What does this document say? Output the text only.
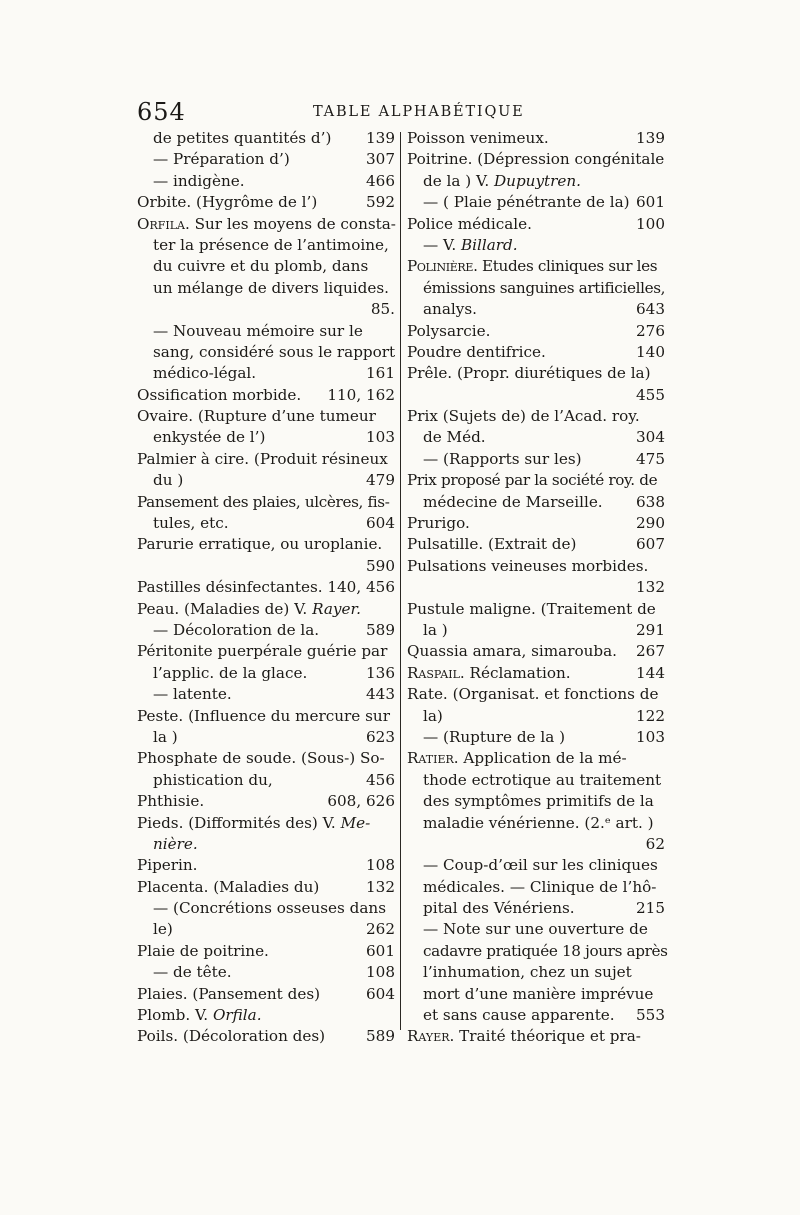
654	TABLE ALPHABÉTIQUE
de petites quantités d’) 139
— Préparation d’)	307
— indigène.	466
Orbite. (Hygrôme de l’)	592
Orfila. Sur les moyens de consta-
ter la présence de l’antimoine,
du cuivre et du plomb, dans
un mélange de divers liquides.
85.
— Nouveau mémoire sur le
sang, considéré sous le rapport
médico-légal.	161
Ossification morbide. 110, 162
Ovaire. (Rupture d’une tumeur
enkystée de l’)	103
Palmier à cire. (Produit résineux
du )	479
Pansement des plaies, ulcères, fis-
tules, etc.	604
Parurie erratique, ou uroplanie.
590
Pastilles désinfectantes. 140, 456
Peau. (Maladies de) V. Rayer.
— Décoloration de la.	589
Péritonite puerpérale guérie par
l’applic. de la glace.	136
— latente.	443
Peste. (Influence du mercure sur
la )	623
Phosphate de soude. (Sous-) So-
phistication du,	456
Phthisie.	608, 626
Pieds. (Difformités des) V. Me-
nière.
Piperin.	108
Placenta. (Maladies du)	132
— (Concrétions osseuses dans
le)	262
Plaie de poitrine.	601
— de tête.	108
Plaies. (Pansement des)	604
Plomb. V. Orfila.
Poils. (Décoloration des)	589
Poisson venimeux.	139
Poitrine. (Dépression congénitale
de la ) V. Dupuytren.
— ( Plaie pénétrante de la) 601
Police médicale.	100
— V. Billard.
Polinière. Etudes cliniques sur les
émissions sanguines artificielles,
analys.	643
Polysarcie.	276
Poudre dentifrice.	140
Prêle. (Propr. diurétiques de la)
455
Prix (Sujets de) de l’Acad. roy.
de Méd.	304
— (Rapports sur les)	475
Prix proposé par la société roy. de
médecine de Marseille. 638
Prurigo.	290
Pulsatille. (Extrait de)	607
Pulsations veineuses morbides.
132
Pustule maligne. (Traitement de
la )	291
Quassia amara, simarouba. 267
Raspail. Réclamation.	144
Rate. (Organisat. et fonctions de
la)	122
— (Rupture de la )	103
Ratier. Application de la mé-
thode ectrotique au traitement
des symptômes primitifs de la
maladie vénérienne. (2.ᵉ art. )
62
— Coup-d’œil sur les cliniques
médicales. — Clinique de l’hô-
pital des Vénériens.	215
— Note sur une ouverture de
cadavre pratiquée 18 jours après
l’inhumation, chez un sujet
mort d’une manière imprévue
et sans cause apparente. 553
Rayer. Traité théorique et pra-
